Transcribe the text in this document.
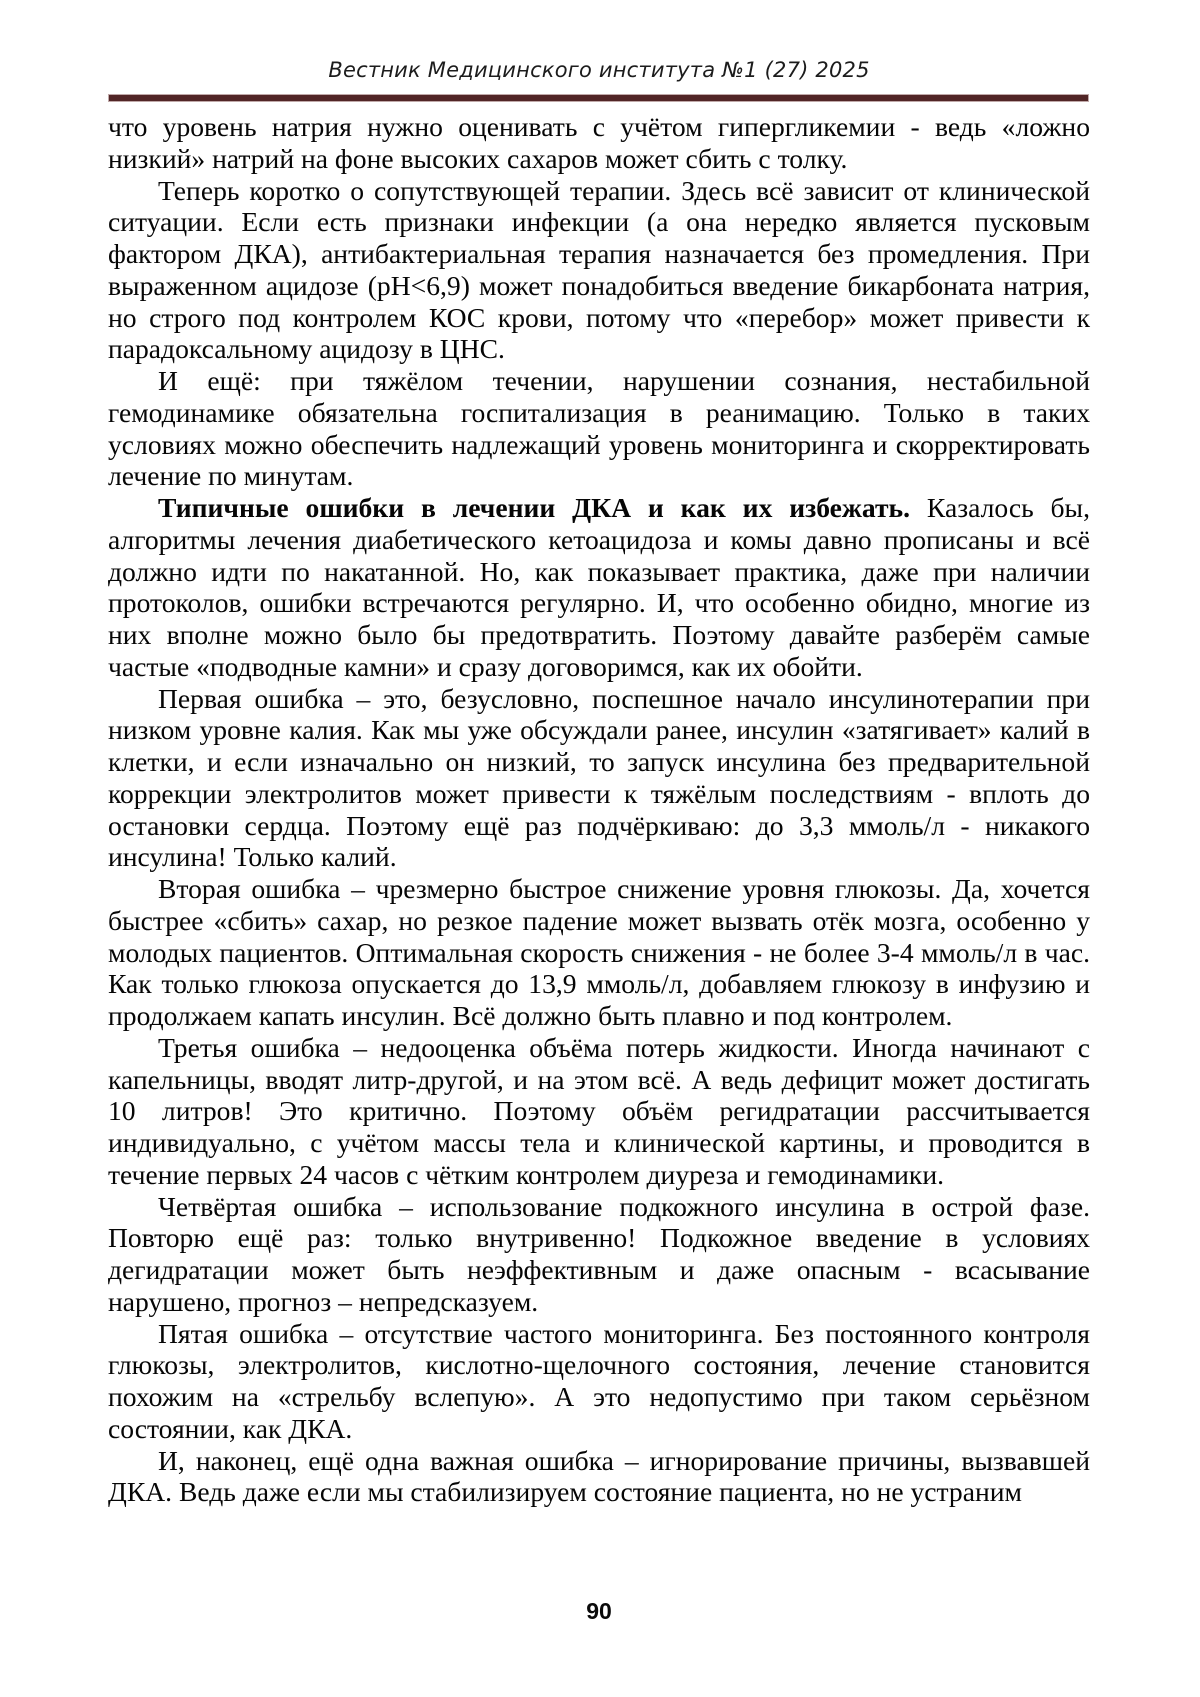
Вестник Медицинского института №1 (27) 2025

что уровень натрия нужно оценивать с учётом гипергликемии - ведь «ложно низкий» натрий на фоне высоких сахаров может сбить с толку.

Теперь коротко о сопутствующей терапии. Здесь всё зависит от клинической ситуации. Если есть признаки инфекции (а она нередко является пусковым фактором ДКА), антибактериальная терапия назначается без промедления. При выраженном ацидозе (pH<6,9) может понадобиться введение бикарбоната натрия, но строго под контролем КОС крови, потому что «перебор» может привести к парадоксальному ацидозу в ЦНС.

И ещё: при тяжёлом течении, нарушении сознания, нестабильной гемодинамике обязательна госпитализация в реанимацию. Только в таких условиях можно обеспечить надлежащий уровень мониторинга и скорректировать лечение по минутам.

Типичные ошибки в лечении ДКА и как их избежать. Казалось бы, алгоритмы лечения диабетического кетоацидоза и комы давно прописаны и всё должно идти по накатанной. Но, как показывает практика, даже при наличии протоколов, ошибки встречаются регулярно. И, что особенно обидно, многие из них вполне можно было бы предотвратить. Поэтому давайте разберём самые частые «подводные камни» и сразу договоримся, как их обойти.

Первая ошибка – это, безусловно, поспешное начало инсулинотерапии при низком уровне калия. Как мы уже обсуждали ранее, инсулин «затягивает» калий в клетки, и если изначально он низкий, то запуск инсулина без предварительной коррекции электролитов может привести к тяжёлым последствиям - вплоть до остановки сердца. Поэтому ещё раз подчёркиваю: до 3,3 ммоль/л - никакого инсулина! Только калий.

Вторая ошибка – чрезмерно быстрое снижение уровня глюкозы. Да, хочется быстрее «сбить» сахар, но резкое падение может вызвать отёк мозга, особенно у молодых пациентов. Оптимальная скорость снижения - не более 3-4 ммоль/л в час. Как только глюкоза опускается до 13,9 ммоль/л, добавляем глюкозу в инфузию и продолжаем капать инсулин. Всё должно быть плавно и под контролем.

Третья ошибка – недооценка объёма потерь жидкости. Иногда начинают с капельницы, вводят литр-другой, и на этом всё. А ведь дефицит может достигать 10 литров! Это критично. Поэтому объём регидратации рассчитывается индивидуально, с учётом массы тела и клинической картины, и проводится в течение первых 24 часов с чётким контролем диуреза и гемодинамики.

Четвёртая ошибка – использование подкожного инсулина в острой фазе. Повторю ещё раз: только внутривенно! Подкожное введение в условиях дегидратации может быть неэффективным и даже опасным - всасывание нарушено, прогноз – непредсказуем.

Пятая ошибка – отсутствие частого мониторинга. Без постоянного контроля глюкозы, электролитов, кислотно-щелочного состояния, лечение становится похожим на «стрельбу вслепую». А это недопустимо при таком серьёзном состоянии, как ДКА.

И, наконец, ещё одна важная ошибка – игнорирование причины, вызвавшей ДКА. Ведь даже если мы стабилизируем состояние пациента, но не устраним

90
